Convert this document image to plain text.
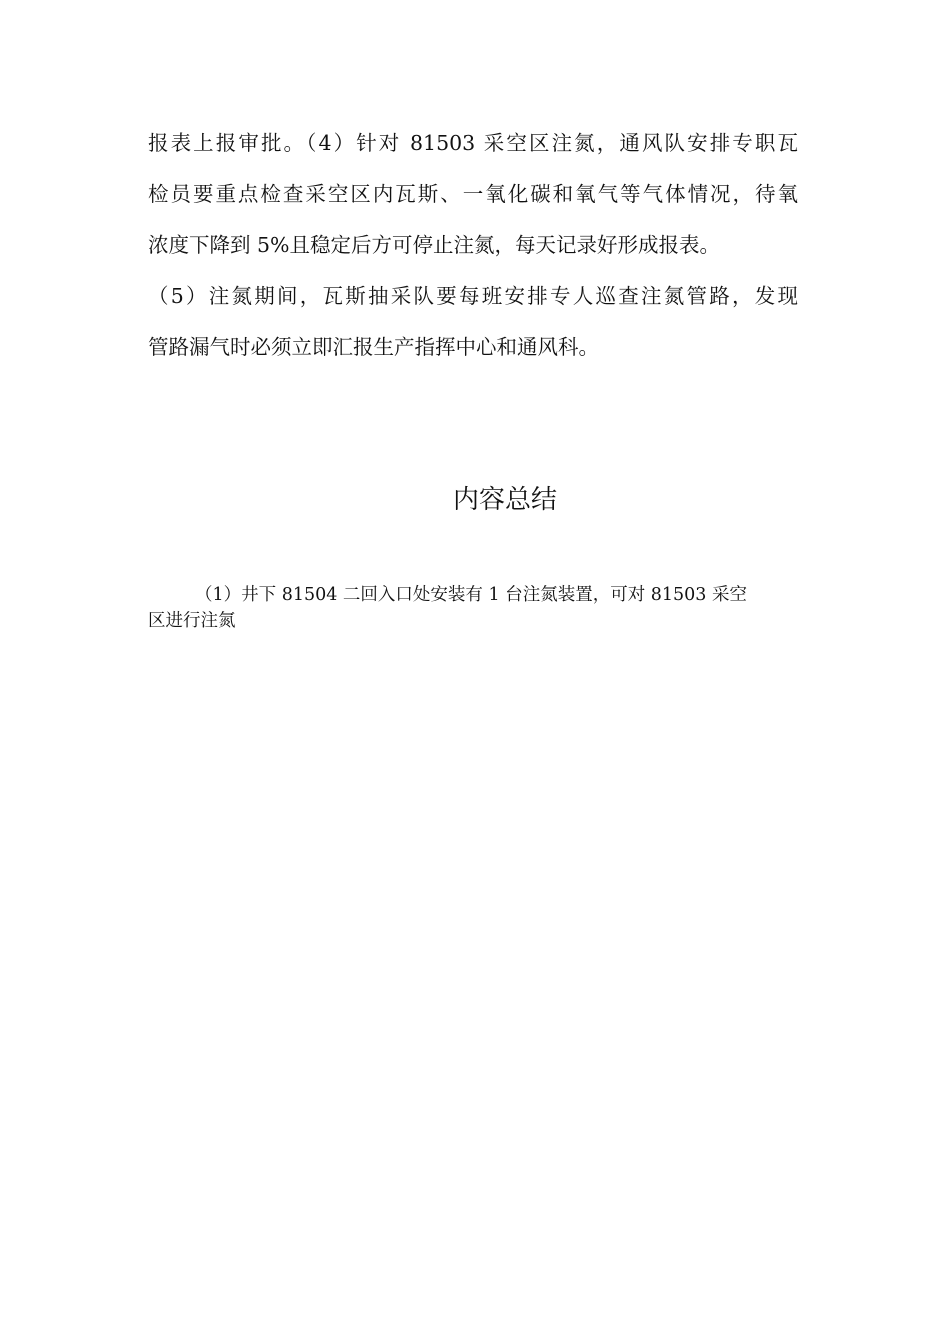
报表上报审批。（4）针对 81503 采空区注氮，通风队安排专职瓦
检员要重点检查采空区内瓦斯、一氧化碳和氧气等气体情况，待氧
浓度下降到 5%且稳定后方可停止注氮，每天记录好形成报表。
（5）注氮期间，瓦斯抽采队要每班安排专人巡查注氮管路，发现
管路漏气时必须立即汇报生产指挥中心和通风科。
内容总结
（1）井下 81504 二回入口处安装有 1 台注氮装置，可对 81503 采空
区进行注氮
